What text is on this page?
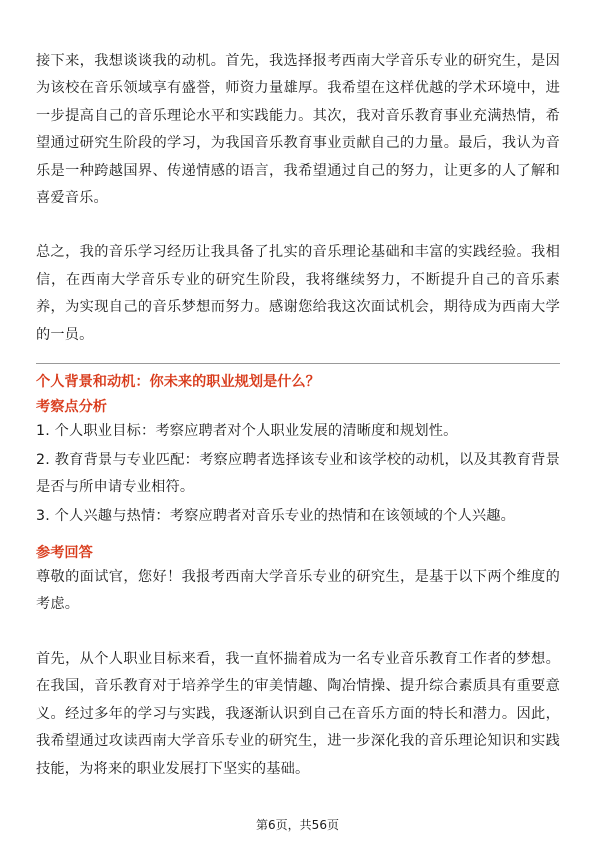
接下来，我想谈谈我的动机。首先，我选择报考西南大学音乐专业的研究生，是因为该校在音乐领域享有盛誉，师资力量雄厚。我希望在这样优越的学术环境中，进一步提高自己的音乐理论水平和实践能力。其次，我对音乐教育事业充满热情，希望通过研究生阶段的学习，为我国音乐教育事业贡献自己的力量。最后，我认为音乐是一种跨越国界、传递情感的语言，我希望通过自己的努力，让更多的人了解和喜爱音乐。

总之，我的音乐学习经历让我具备了扎实的音乐理论基础和丰富的实践经验。我相信，在西南大学音乐专业的研究生阶段，我将继续努力，不断提升自己的音乐素养，为实现自己的音乐梦想而努力。感谢您给我这次面试机会，期待成为西南大学的一员。

个人背景和动机：你未来的职业规划是什么？
考察点分析
1. 个人职业目标：考察应聘者对个人职业发展的清晰度和规划性。
2. 教育背景与专业匹配：考察应聘者选择该专业和该学校的动机，以及其教育背景是否与所申请专业相符。
3. 个人兴趣与热情：考察应聘者对音乐专业的热情和在该领域的个人兴趣。
参考回答

尊敬的面试官，您好！我报考西南大学音乐专业的研究生，是基于以下两个维度的考虑。

首先，从个人职业目标来看，我一直怀揣着成为一名专业音乐教育工作者的梦想。在我国，音乐教育对于培养学生的审美情趣、陶冶情操、提升综合素质具有重要意义。经过多年的学习与实践，我逐渐认识到自己在音乐方面的特长和潜力。因此，我希望通过攻读西南大学音乐专业的研究生，进一步深化我的音乐理论知识和实践技能，为将来的职业发展打下坚实的基础。

第6页，共56页
